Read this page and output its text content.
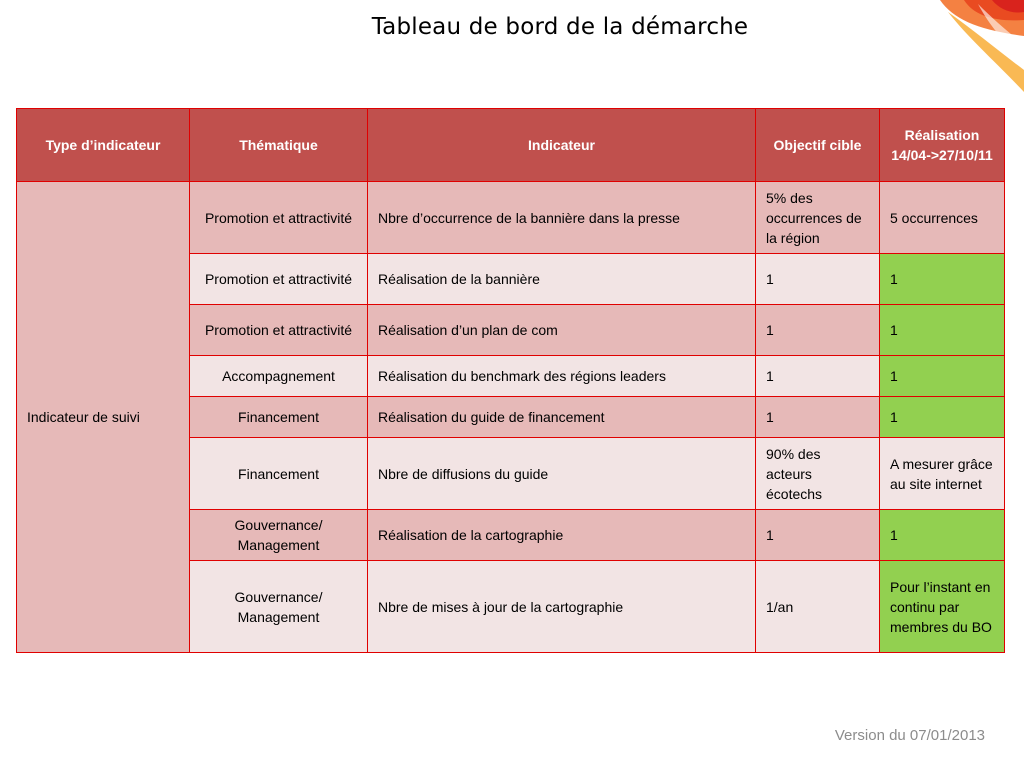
Tableau de bord de la démarche
Type d’indicateur	Thématique	Indicateur	Objectif cible	Réalisation 14/04->27/10/11
Indicateur de suivi	Promotion et attractivité	Nbre d’occurrence de la bannière dans la presse	5% des occurrences de la région	5 occurrences
	Promotion et attractivité	Réalisation de la bannière	1	1
	Promotion et attractivité	Réalisation d’un plan de com	1	1
	Accompagnement	Réalisation du benchmark des régions leaders	1	1
	Financement	Réalisation du guide de financement	1	1
	Financement	Nbre de diffusions du guide	90% des acteurs écotechs	A mesurer grâce au site internet
	Gouvernance/ Management	Réalisation de la cartographie	1	1
	Gouvernance/ Management	Nbre de mises à jour de la cartographie	1/an	Pour l’instant en continu par membres du BO
Version du 07/01/2013
